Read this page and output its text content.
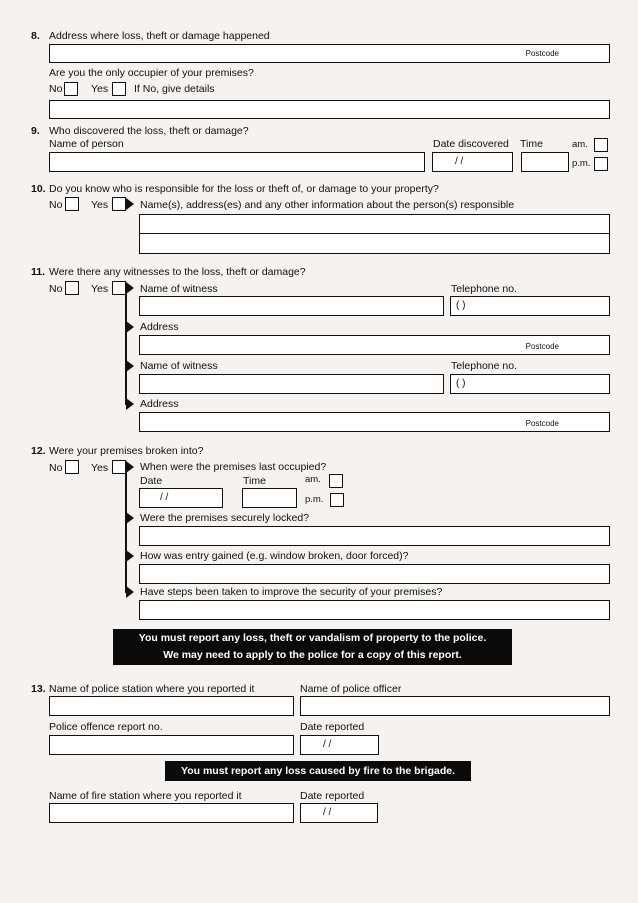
8. Address where loss, theft or damage happened
Postcode
Are you the only occupier of your premises?
No	Yes If No, give details
9. Who discovered the loss, theft or damage?
Name of person	Date discovered Time	am.
/ /	p.m.
10. Do you know who is responsible for the loss or theft of, or damage to your property?
No	Yes	Name(s), address(es) and any other information about the person(s) responsible
11. Were there any witnesses to the loss, theft or damage?
No	Yes	Name of witness	Telephone no.
( )
Address
Postcode
Name of witness	Telephone no.
( )
Address
Postcode
12. Were your premises broken into?
No	Yes	When were the premises last occupied?
Date	Time	am.
/ /	p.m.
Were the premises securely locked?
How was entry gained (e.g. window broken, door forced)?
Have steps been taken to improve the security of your premises?
You must report any loss, theft or vandalism of property to the police.
We may need to apply to the police for a copy of this report.
13. Name of police station where you reported it	Name of police officer
Police offence report no.	Date reported
/ /
You must report any loss caused by fire to the brigade.
Name of fire station where you reported it	Date reported
/ /
